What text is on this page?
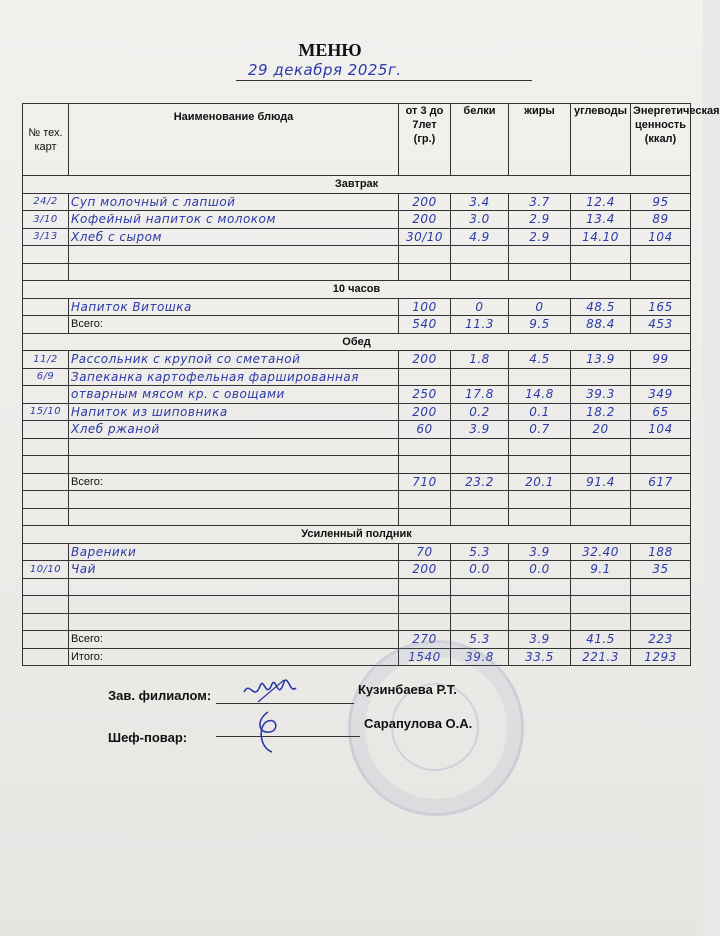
МЕНЮ
29 декабря 2025г.
№ тех. карт	Наименование блюда	от 3 до 7лет (гр.)	белки	жиры	углеводы	Энергетическая ценность (ккал)
Завтрак						
24/2	Суп молочный с лапшой	200	3.4	3.7	12.4	95
3/10	Кофейный напиток с молоком	200	3.0	2.9	13.4	89
3/13	Хлеб с сыром	30/10	4.9	2.9	14.10	104

10 часов						
	Напиток Витошка	100	0	0	48.5	165
	Всего:	540	11.3	9.5	88.4	453
Обед						
11/2	Рассольник с крупой со сметаной	200	1.8	4.5	13.9	99
6/9	Запеканка картофельная фаршированная					
	отварным мясом кр. с овощами	250	17.8	14.8	39.3	349
15/10	Напиток из шиповника	200	0.2	0.1	18.2	65
	Хлеб ржаной	60	3.9	0.7	20	104

	Всего:	710	23.2	20.1	91.4	617

Усиленный полдник						
	Вареники	70	5.3	3.9	32.40	188
10/10	Чай	200	0.0	0.0	9.1	35

	Всего:	270	5.3	3.9	41.5	223
	Итого:	1540	39.8	33.5	221.3	1293
Зав. филиалом:	Кузинбаева Р.Т.
Шеф-повар:
Сарапулова О.А.
